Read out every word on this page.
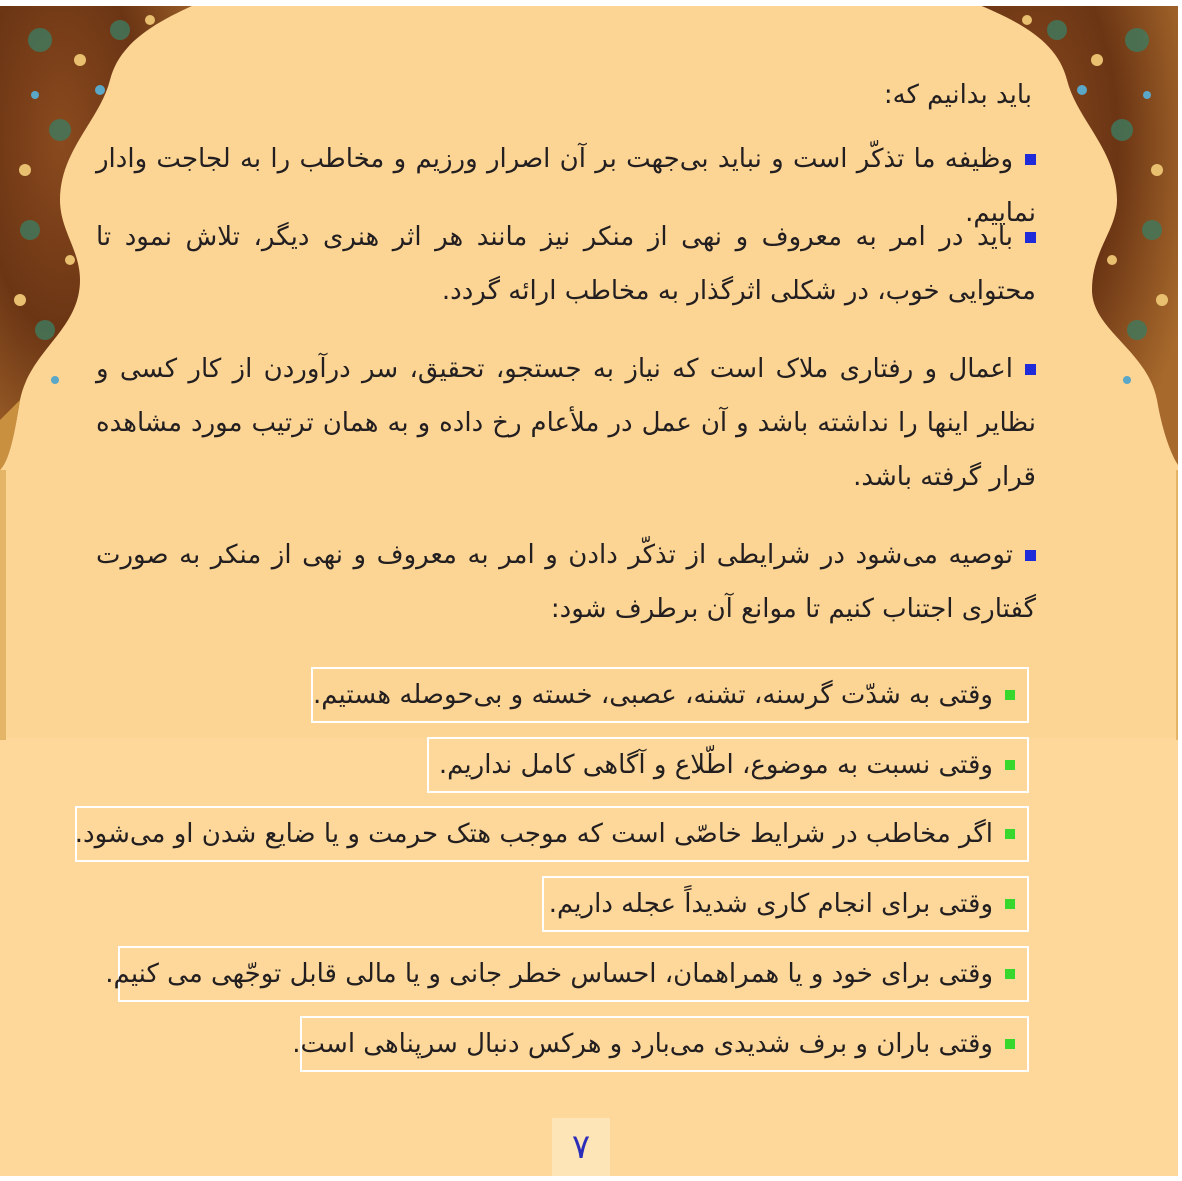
باید بدانیم که:
وظیفه ما تذکّر است و نباید بی‌جهت بر آن اصرار ورزیم و مخاطب را به لجاجت وادار نماییم.
باید در امر به معروف و نهی از منکر نیز مانند هر اثر هنری دیگر، تلاش نمود تا محتوایی خوب، در شکلی اثرگذار به مخاطب ارائه گردد.
اعمال و رفتاری ملاک است که نیاز به جستجو، تحقیق، سر درآوردن از کار کسی و نظایر اینها را نداشته باشد و آن عمل در ملأعام رخ داده و به همان ترتیب مورد مشاهده قرار گرفته باشد.
توصیه می‌شود در شرایطی از تذکّر دادن و امر به معروف و نهی از منکر به صورت گفتاری اجتناب کنیم تا موانع آن برطرف شود:
وقتی به شدّت گرسنه، تشنه، عصبی، خسته و بی‌حوصله هستیم.
وقتی نسبت به موضوع، اطّلاع و آگاهی کامل نداریم.
اگر مخاطب در شرایط خاصّی است که موجب هتک حرمت و یا ضایع شدن او می‌شود.
وقتی برای انجام کاری شدیداً عجله داریم.
وقتی برای خود و یا همراهمان، احساس خطر جانی و یا مالی قابل توجّهی می کنیم.
وقتی باران و برف شدیدی می‌بارد و هرکس دنبال سرپناهی است.
۷
